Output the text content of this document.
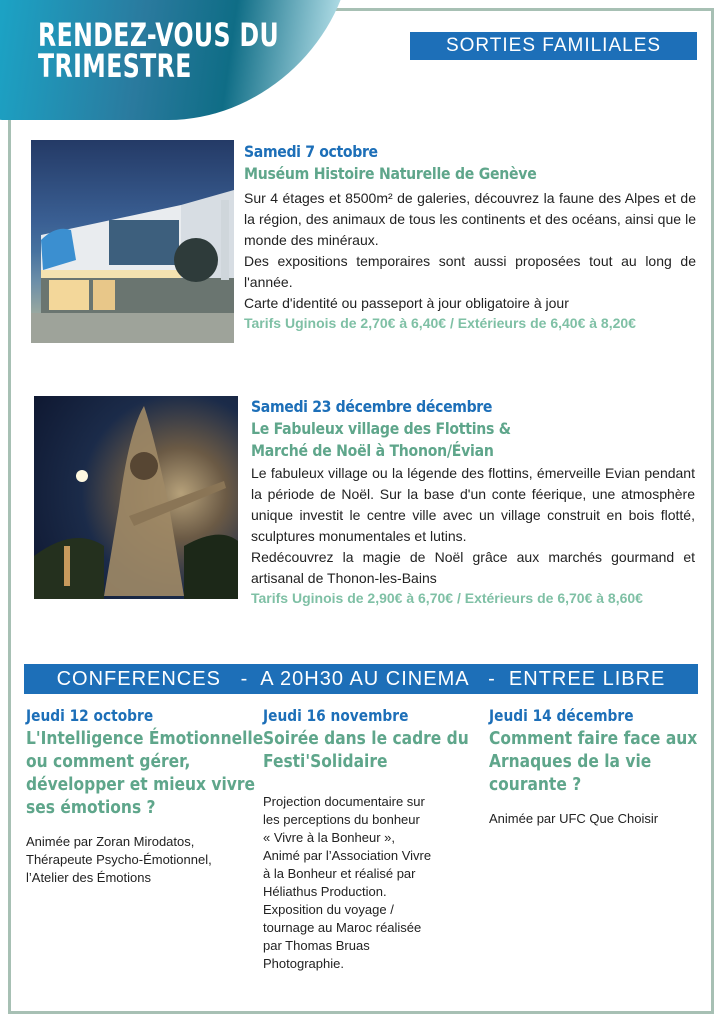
RENDEZ-VOUS DU
TRIMESTRE
SORTIES FAMILIALES
Samedi 7 octobre
Muséum Histoire Naturelle de Genève
Sur 4 étages et 8500m² de galeries, découvrez la faune des Alpes et de la région, des animaux de tous les continents et des océans, ainsi que le monde des minéraux.
Des expositions temporaires sont aussi proposées tout au long de l'année.
Carte d'identité ou passeport à jour obligatoire à jour
Tarifs Uginois de 2,70€ à 6,40€ / Extérieurs de 6,40€ à 8,20€
Samedi 23 décembre décembre
Le Fabuleux village des Flottins &
Marché de Noël à Thonon/Évian
Le fabuleux village ou la légende des flottins, émerveille Evian pendant la période de Noël. Sur la base d'un conte féerique, une atmosphère unique investit le centre ville avec un village construit en bois flotté, sculptures monumentales et lutins.
Redécouvrez la magie de Noël grâce aux marchés gourmand et artisanal de Thonon-les-Bains
Tarifs Uginois de 2,90€ à 6,70€ / Extérieurs de 6,70€ à 8,60€
CONFERENCES   -  A 20H30 AU CINEMA   -  ENTREE LIBRE
Jeudi 12 octobre
L'Intelligence Émotionnelle
ou comment gérer,
développer et mieux vivre
ses émotions ?
Animée par Zoran Mirodatos,
Thérapeute Psycho-Émotionnel,
l’Atelier des Émotions
Jeudi 16 novembre
Soirée dans le cadre du
Festi'Solidaire
Projection documentaire sur
les perceptions du bonheur
« Vivre à la Bonheur »,
Animé par l’Association Vivre
à la Bonheur et réalisé par
Héliathus Production.
Exposition du voyage /
tournage au Maroc réalisée
par Thomas Bruas
Photographie.
Jeudi 14 décembre
Comment faire face aux
Arnaques de la vie
courante ?
Animée par UFC Que Choisir
